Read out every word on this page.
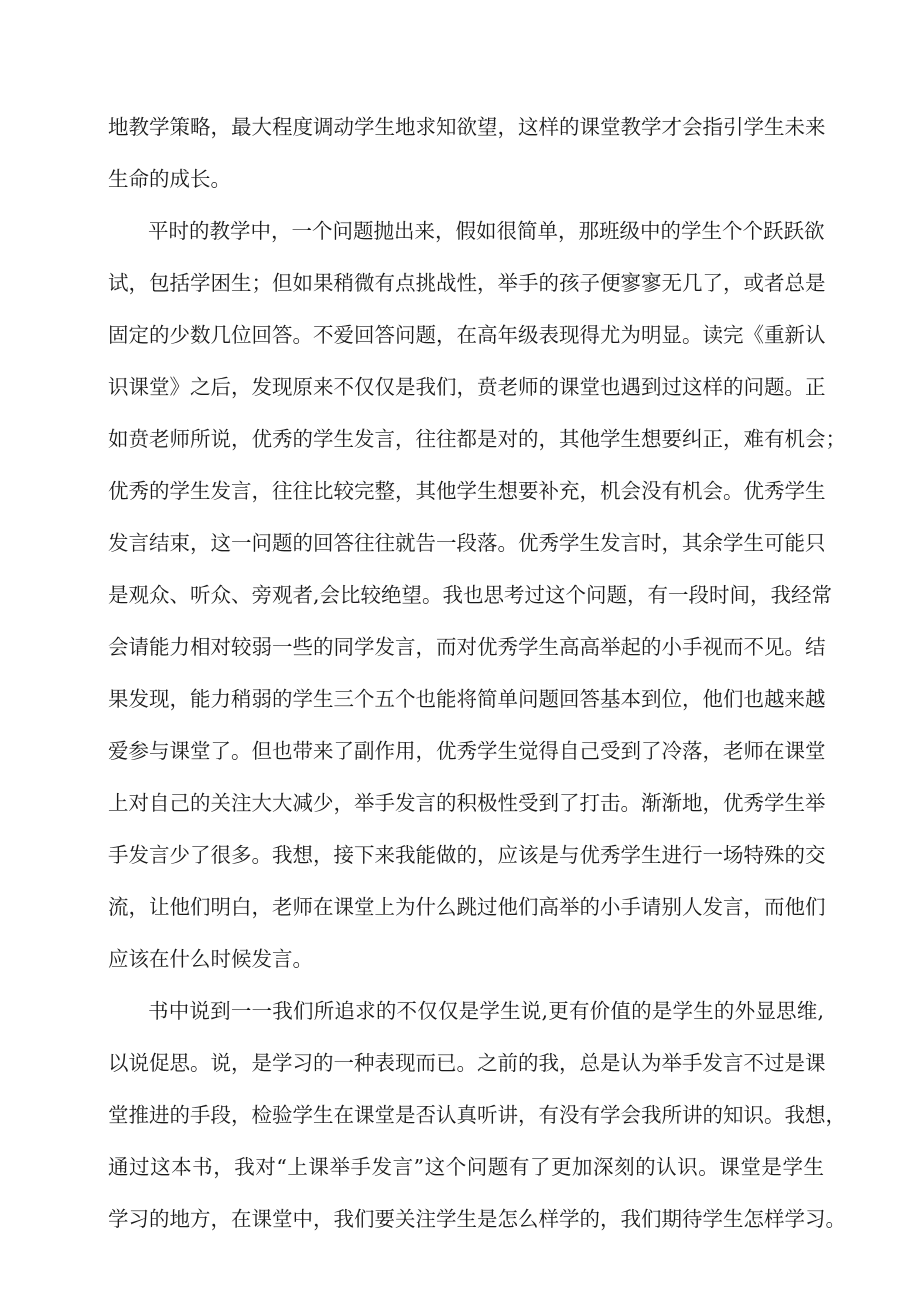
地教学策略，最大程度调动学生地求知欲望，这样的课堂教学才会指引学生未来
生命的成长。
平时的教学中，一个问题抛出来，假如很简单，那班级中的学生个个跃跃欲
试，包括学困生；但如果稍微有点挑战性，举手的孩子便寥寥无几了，或者总是
固定的少数几位回答。不爱回答问题，在高年级表现得尤为明显。读完《重新认
识课堂》之后，发现原来不仅仅是我们，贲老师的课堂也遇到过这样的问题。正
如贲老师所说，优秀的学生发言，往往都是对的，其他学生想要纠正，难有机会；
优秀的学生发言，往往比较完整，其他学生想要补充，机会没有机会。优秀学生
发言结束，这一问题的回答往往就告一段落。优秀学生发言时，其余学生可能只
是观众、听众、旁观者,会比较绝望。我也思考过这个问题，有一段时间，我经常
会请能力相对较弱一些的同学发言，而对优秀学生高高举起的小手视而不见。结
果发现，能力稍弱的学生三个五个也能将简单问题回答基本到位，他们也越来越
爱参与课堂了。但也带来了副作用，优秀学生觉得自己受到了冷落，老师在课堂
上对自己的关注大大减少，举手发言的积极性受到了打击。渐渐地，优秀学生举
手发言少了很多。我想，接下来我能做的，应该是与优秀学生进行一场特殊的交
流，让他们明白，老师在课堂上为什么跳过他们高举的小手请别人发言，而他们
应该在什么时候发言。
书中说到一一我们所追求的不仅仅是学生说,更有价值的是学生的外显思维,
以说促思。说，是学习的一种表现而已。之前的我，总是认为举手发言不过是课
堂推进的手段，检验学生在课堂是否认真听讲，有没有学会我所讲的知识。我想，
通过这本书，我对“上课举手发言”这个问题有了更加深刻的认识。课堂是学生
学习的地方，在课堂中，我们要关注学生是怎么样学的，我们期待学生怎样学习。
